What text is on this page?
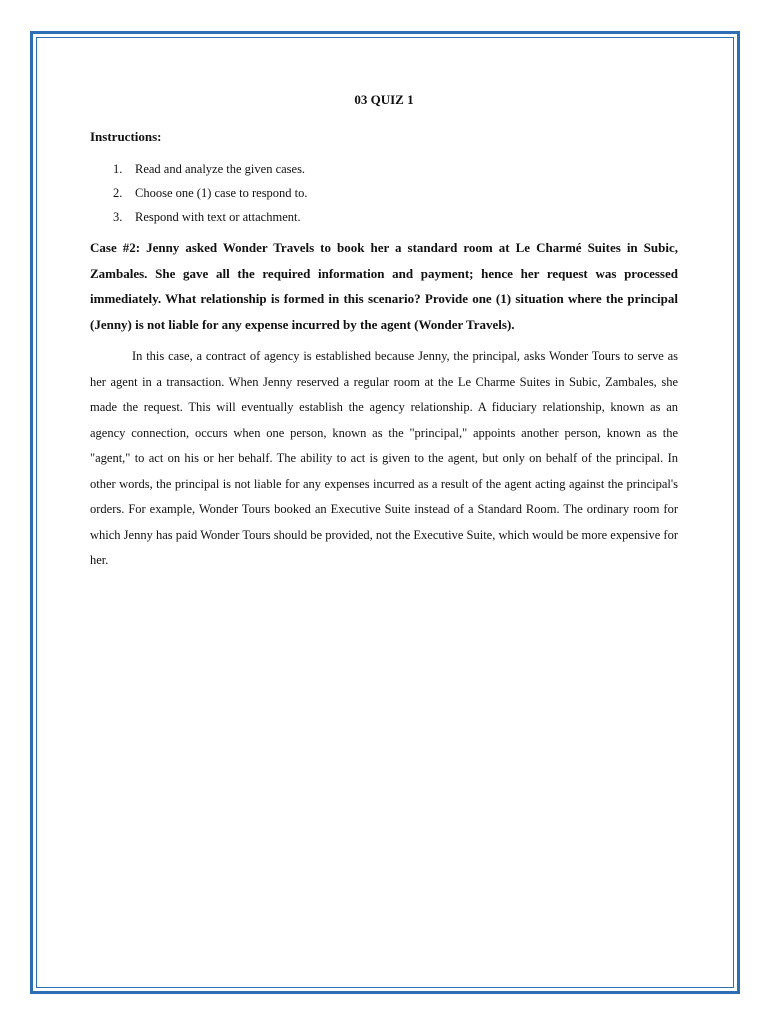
03 QUIZ 1

Instructions:

1.	Read and analyze the given cases.
2.	Choose one (1) case to respond to.
3.	Respond with text or attachment.

Case #2: Jenny asked Wonder Travels to book her a standard room at Le Charmé Suites in Subic, Zambales. She gave all the required information and payment; hence her request was processed immediately. What relationship is formed in this scenario? Provide one (1) situation where the principal (Jenny) is not liable for any expense incurred by the agent (Wonder Travels).

In this case, a contract of agency is established because Jenny, the principal, asks Wonder Tours to serve as her agent in a transaction. When Jenny reserved a regular room at the Le Charme Suites in Subic, Zambales, she made the request. This will eventually establish the agency relationship. A fiduciary relationship, known as an agency connection, occurs when one person, known as the "principal," appoints another person, known as the "agent," to act on his or her behalf. The ability to act is given to the agent, but only on behalf of the principal. In other words, the principal is not liable for any expenses incurred as a result of the agent acting against the principal's orders. For example, Wonder Tours booked an Executive Suite instead of a Standard Room. The ordinary room for which Jenny has paid Wonder Tours should be provided, not the Executive Suite, which would be more expensive for her.
